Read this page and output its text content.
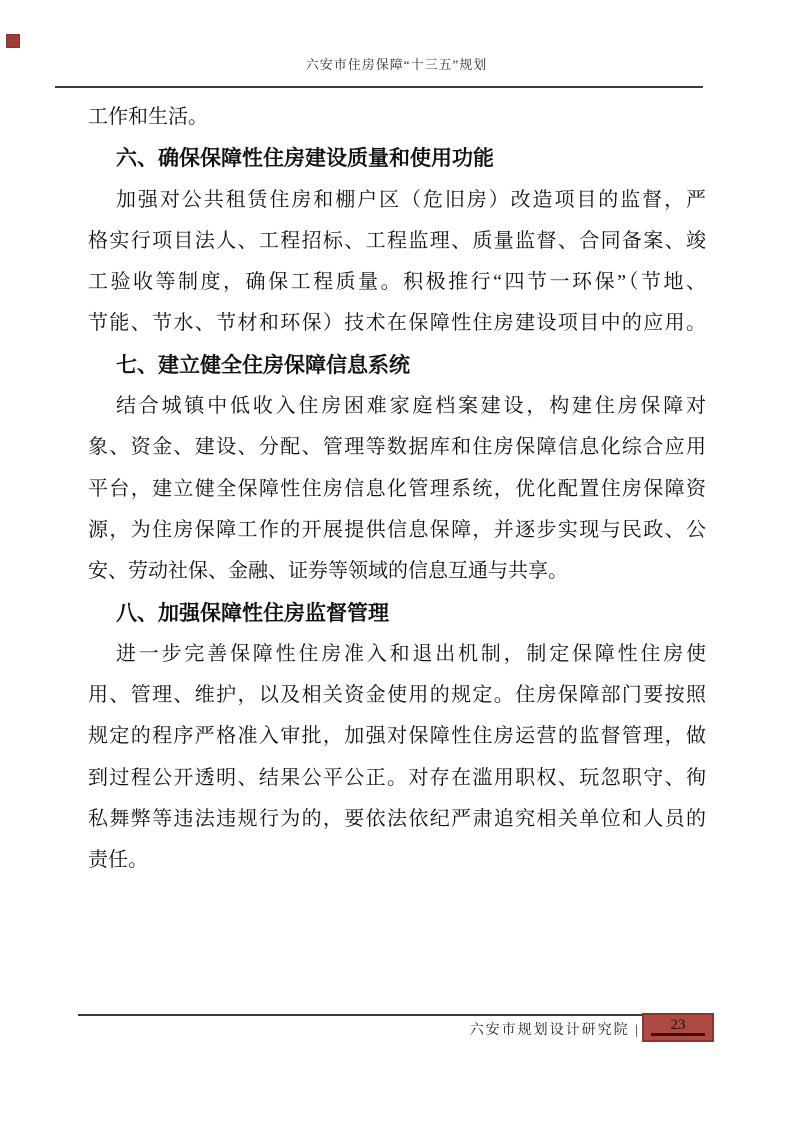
六安市住房保障“十三五”规划
工作和生活。
六、确保保障性住房建设质量和使用功能
加强对公共租赁住房和棚户区（危旧房）改造项目的监督，严
格实行项目法人、工程招标、工程监理、质量监督、合同备案、竣
工验收等制度，确保工程质量。积极推行“四节一环保”（节地、
节能、节水、节材和环保）技术在保障性住房建设项目中的应用。
七、建立健全住房保障信息系统
结合城镇中低收入住房困难家庭档案建设，构建住房保障对
象、资金、建设、分配、管理等数据库和住房保障信息化综合应用
平台，建立健全保障性住房信息化管理系统，优化配置住房保障资
源，为住房保障工作的开展提供信息保障，并逐步实现与民政、公
安、劳动社保、金融、证券等领域的信息互通与共享。
八、加强保障性住房监督管理
进一步完善保障性住房准入和退出机制，制定保障性住房使
用、管理、维护，以及相关资金使用的规定。住房保障部门要按照
规定的程序严格准入审批，加强对保障性住房运营的监督管理，做
到过程公开透明、结果公平公正。对存在滥用职权、玩忽职守、徇
私舞弊等违法违规行为的，要依法依纪严肃追究相关单位和人员的
责任。
六安市规划设计研究院 |	23
